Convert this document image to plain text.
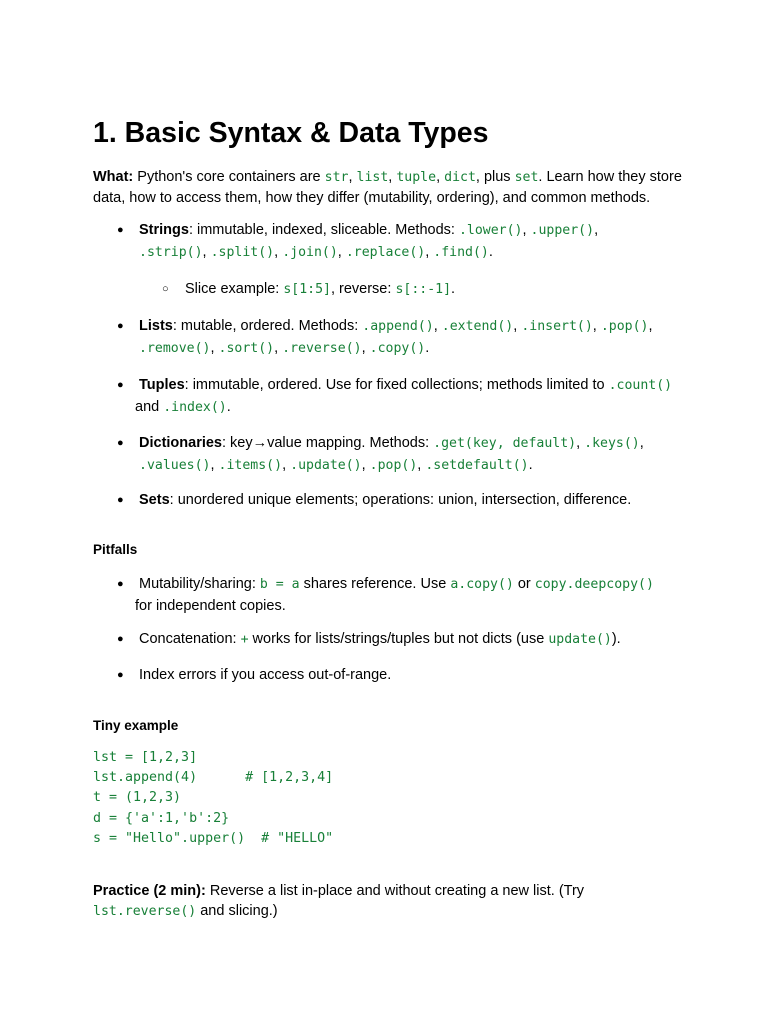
1. Basic Syntax & Data Types
What: Python's core containers are str, list, tuple, dict, plus set. Learn how they store data, how to access them, how they differ (mutability, ordering), and common methods.
● Strings: immutable, indexed, sliceable. Methods: .lower(), .upper(),
.strip(), .split(), .join(), .replace(), .find().
○ Slice example: s[1:5], reverse: s[::-1].
● Lists: mutable, ordered. Methods: .append(), .extend(), .insert(), .pop(),
.remove(), .sort(), .reverse(), .copy().
● Tuples: immutable, ordered. Use for fixed collections; methods limited to .count()
and .index().
● Dictionaries: key→value mapping. Methods: .get(key, default), .keys(),
.values(), .items(), .update(), .pop(), .setdefault().
● Sets: unordered unique elements; operations: union, intersection, difference.
Pitfalls
● Mutability/sharing: b = a shares reference. Use a.copy() or copy.deepcopy()
for independent copies.
● Concatenation: + works for lists/strings/tuples but not dicts (use update()).
● Index errors if you access out-of-range.
Tiny example
lst = [1,2,3]
lst.append(4)      # [1,2,3,4]
t = (1,2,3)
d = {'a':1,'b':2}
s = "Hello".upper()  # "HELLO"
Practice (2 min): Reverse a list in-place and without creating a new list. (Try lst.reverse() and slicing.)
